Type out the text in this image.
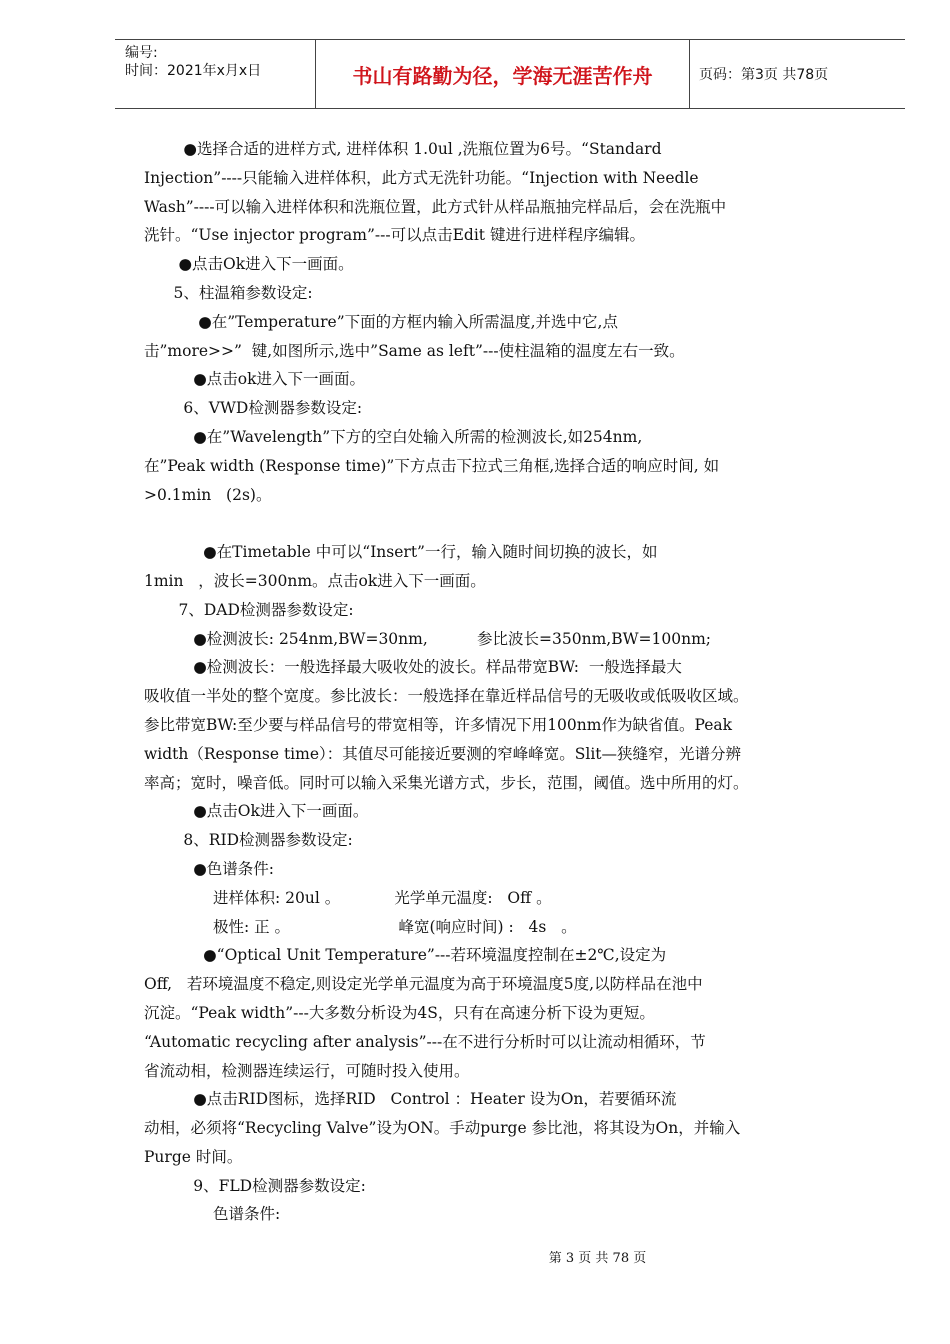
编号:
时间：2021年x月x日	书山有路勤为径，学海无涯苦作舟	页码：第3页 共78页
●选择合适的进样方式, 进样体积 1.0ul ,洗瓶位置为6号。“Standard
Injection”----只能输入进样体积，此方式无洗针功能。“Injection with Needle
Wash”----可以输入进样体积和洗瓶位置，此方式针从样品瓶抽完样品后，会在洗瓶中
洗针。“Use injector program”---可以点击Edit 键进行进样程序编辑。
●点击Ok进入下一画面。
5、柱温箱参数设定:
●在”Temperature”下面的方框内输入所需温度,并选中它,点
击”more>>”  键,如图所示,选中”Same as left”---使柱温箱的温度左右一致。
●点击ok进入下一画面。
6、VWD检测器参数设定:
●在”Wavelength”下方的空白处输入所需的检测波长,如254nm,
在”Peak width (Response time)”下方点击下拉式三角框,选择合适的响应时间, 如
>0.1min   (2s)。
●在Timetable 中可以“Insert”一行，输入随时间切换的波长，如
1min   ，波长=300nm。点击ok进入下一画面。
7、DAD检测器参数设定:
●检测波长: 254nm,BW=30nm,          参比波长=350nm,BW=100nm;
●检测波长：一般选择最大吸收处的波长。样品带宽BW:  一般选择最大
吸收值一半处的整个宽度。参比波长：一般选择在靠近样品信号的无吸收或低吸收区域。
参比带宽BW:至少要与样品信号的带宽相等，许多情况下用100nm作为缺省值。Peak
width（Response time）：其值尽可能接近要测的窄峰峰宽。Slit—狭缝窄，光谱分辨
率高；宽时，噪音低。同时可以输入采集光谱方式，步长，范围，阈值。选中所用的灯。
●点击Ok进入下一画面。
8、RID检测器参数设定:
●色谱条件:
进样体积: 20ul 。           光学单元温度:   Off 。
极性: 正 。                      峰宽(响应时间) :   4s   。
●“Optical Unit Temperature”---若环境温度控制在±2℃,设定为
Off,   若环境温度不稳定,则设定光学单元温度为高于环境温度5度,以防样品在池中
沉淀。“Peak width”---大多数分析设为4S，只有在高速分析下设为更短。
“Automatic recycling after analysis”---在不进行分析时可以让流动相循环，节
省流动相，检测器连续运行，可随时投入使用。
●点击RID图标，选择RID   Control ：Heater 设为On，若要循环流
动相，必须将“Recycling Valve”设为ON。手动purge 参比池，将其设为On，并输入
Purge 时间。
9、FLD检测器参数设定:
色谱条件:
第 3 页 共 78 页
